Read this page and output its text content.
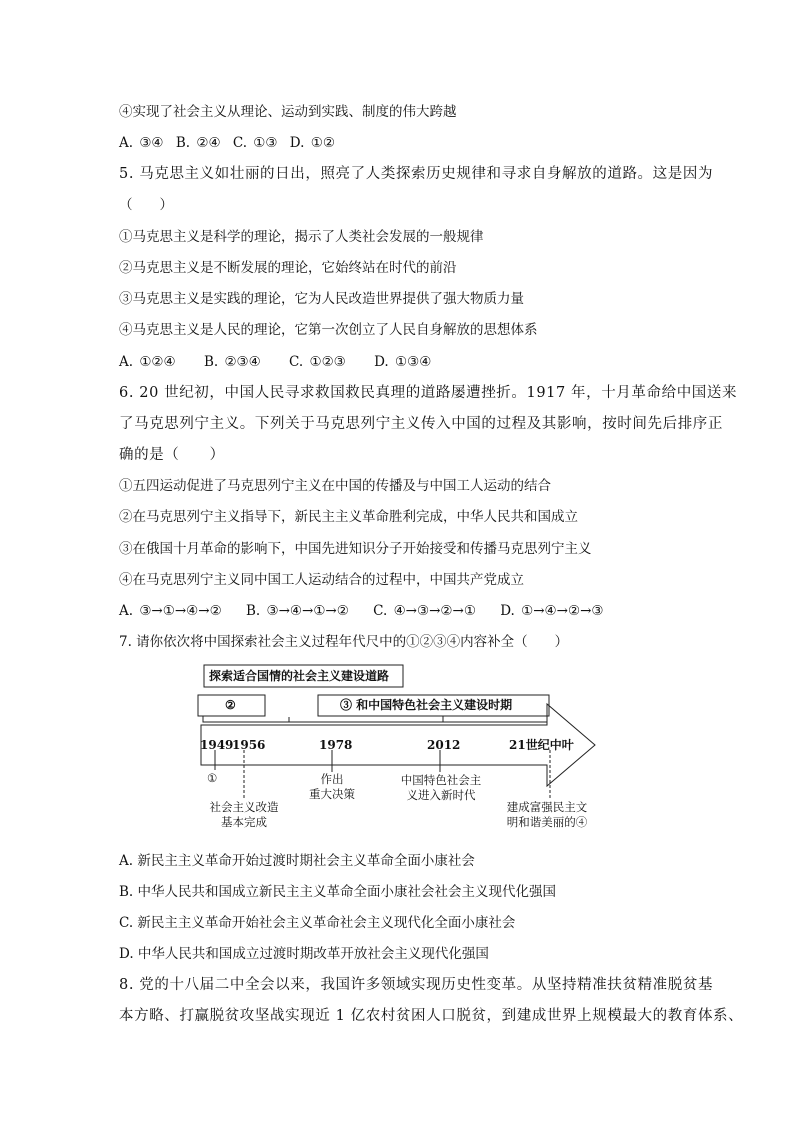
④实现了社会主义从理论、运动到实践、制度的伟大跨越
A. ③④ B. ②④ C. ①③ D. ①②
5. 马克思主义如壮丽的日出，照亮了人类探索历史规律和寻求自身解放的道路。这是因为
（　　）
①马克思主义是科学的理论，揭示了人类社会发展的一般规律
②马克思主义是不断发展的理论，它始终站在时代的前沿
③马克思主义是实践的理论，它为人民改造世界提供了强大物质力量
④马克思主义是人民的理论，它第一次创立了人民自身解放的思想体系
A. ①②④ B. ②③④ C. ①②③ D. ①③④
6. 20 世纪初，中国人民寻求救国救民真理的道路屡遭挫折。1917 年，十月革命给中国送来
了马克思列宁主义。下列关于马克思列宁主义传入中国的过程及其影响，按时间先后排序正
确的是（　　）
①五四运动促进了马克思列宁主义在中国的传播及与中国工人运动的结合
②在马克思列宁主义指导下，新民主主义革命胜利完成，中华人民共和国成立
③在俄国十月革命的影响下，中国先进知识分子开始接受和传播马克思列宁主义
④在马克思列宁主义同中国工人运动结合的过程中，中国共产党成立
A. ③→①→④→② B. ③→④→①→② C. ④→③→②→① D. ①→④→②→③
7. 请你依次将中国探索社会主义过程年代尺中的①②③④内容补全（　　）
探索适合国情的社会主义建设道路
②	③ 和中国特色社会主义建设时期
1949
1956	1978	2012	21世纪中叶
①
社会主义改造
基本完成
作出
重大决策
中国特色社会主
义进入新时代
建成富强民主文
明和谐美丽的④
A. 新民主主义革命开始过渡时期社会主义革命全面小康社会
B. 中华人民共和国成立新民主主义革命全面小康社会社会主义现代化强国
C. 新民主主义革命开始社会主义革命社会主义现代化全面小康社会
D. 中华人民共和国成立过渡时期改革开放社会主义现代化强国
8. 党的十八届二中全会以来，我国许多领域实现历史性变革。从坚持精准扶贫精准脱贫基
本方略、打赢脱贫攻坚战实现近 1 亿农村贫困人口脱贫，到建成世界上规模最大的教育体系、
